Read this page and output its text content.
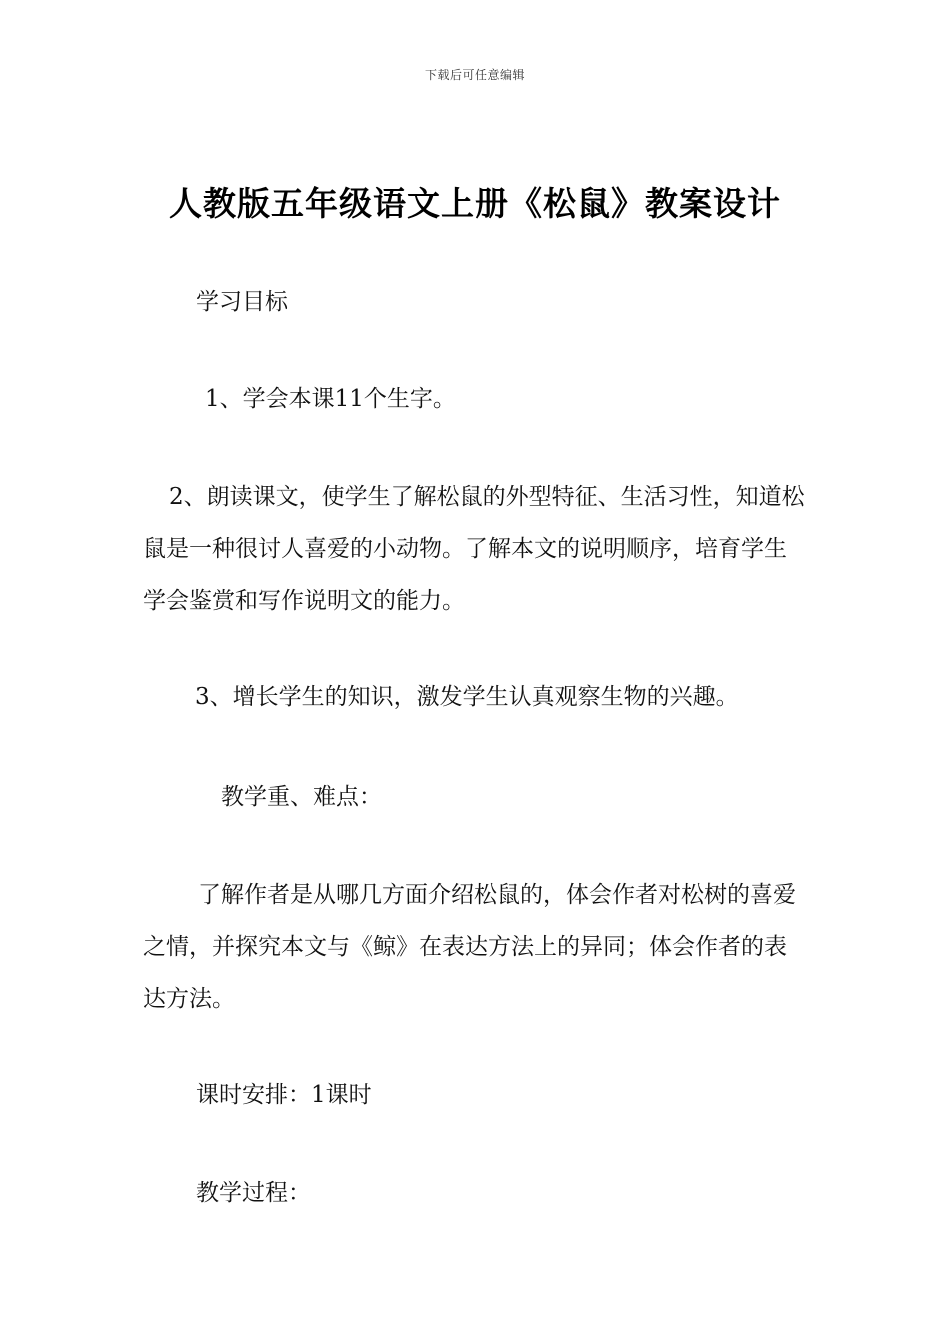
下载后可任意编辑
人教版五年级语文上册《松鼠》教案设计

学习目标

1、学会本课11个生字。

2、朗读课文，使学生了解松鼠的外型特征、生活习性，知道松鼠是一种很讨人喜爱的小动物。了解本文的说明顺序，培育学生学会鉴赏和写作说明文的能力。

3、增长学生的知识，激发学生认真观察生物的兴趣。

教学重、难点：

了解作者是从哪几方面介绍松鼠的，体会作者对松树的喜爱之情，并探究本文与《鲸》在表达方法上的异同；体会作者的表达方法。

课时安排：1课时

教学过程：
